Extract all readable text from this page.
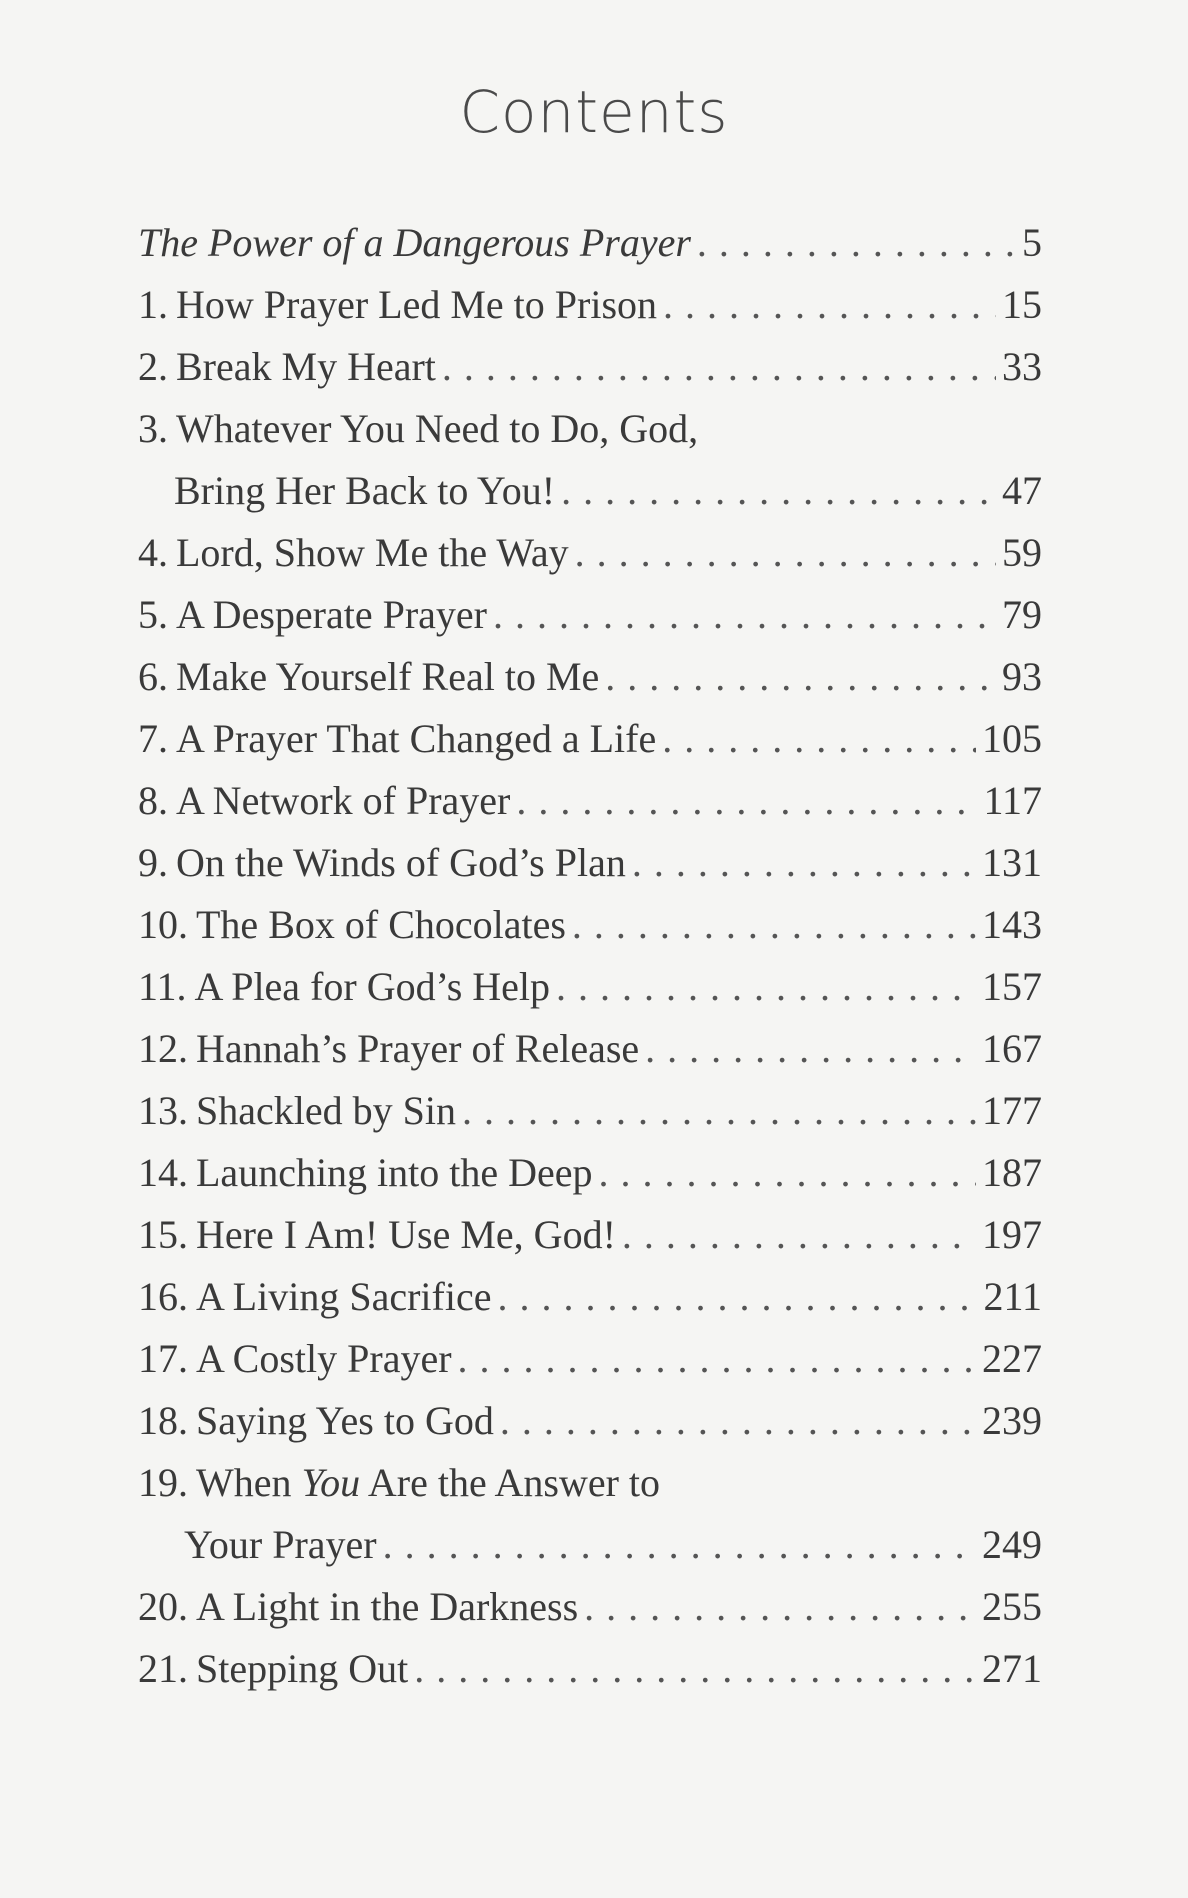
Contents
The Power of a Dangerous Prayer . . .	5
1. How Prayer Led Me to Prison . . .	15
2. Break My Heart . . .	33
3. Whatever You Need to Do, God,
Bring Her Back to You! . . .	47
4. Lord, Show Me the Way . . .	59
5. A Desperate Prayer . . .	79
6. Make Yourself Real to Me . . .	93
7. A Prayer That Changed a Life . . .	105
8. A Network of Prayer . . .	117
9. On the Winds of God’s Plan . . .	131
10. The Box of Chocolates . . .	143
11. A Plea for God’s Help . . .	157
12. Hannah’s Prayer of Release . . .	167
13. Shackled by Sin . . .	177
14. Launching into the Deep . . .	187
15. Here I Am! Use Me, God! . . .	197
16. A Living Sacrifice . . .	211
17. A Costly Prayer . . .	227
18. Saying Yes to God . . .	239
19. When You Are the Answer to
Your Prayer . . .	249
20. A Light in the Darkness . . .	255
21. Stepping Out . . .	271
